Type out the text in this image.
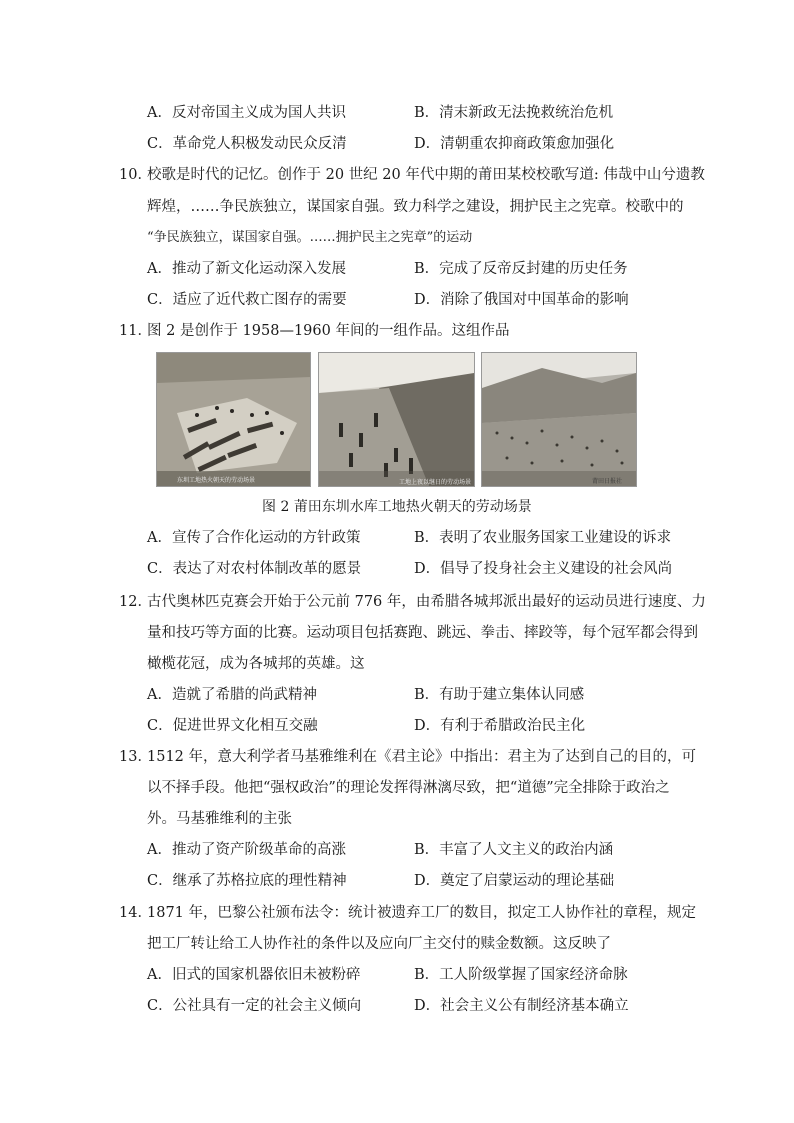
A．反对帝国主义成为国人共识	B．清末新政无法挽救统治危机
C．革命党人积极发动民众反清	D．清朝重农抑商政策愈加强化
10．
校歌是时代的记忆。创作于 20 世纪 20 年代中期的莆田某校校歌写道: 伟哉中山兮遗教
辉煌，……争民族独立，谋国家自强。致力科学之建设，拥护民主之宪章。校歌中的
“争民族独立，谋国家自强。……拥护民主之宪章”的运动
A．推动了新文化运动深入发展	B．完成了反帝反封建的历史任务
C．适应了近代救亡图存的需要	D．消除了俄国对中国革命的影响
11．
图 2 是创作于 1958—1960 年间的一组作品。这组作品
东圳工地热火朝天的劳动场景	工地上夜以继日的劳动场景	莆田日报社
图 2 莆田东圳水库工地热火朝天的劳动场景
A．宣传了合作化运动的方针政策	B．表明了农业服务国家工业建设的诉求
C．表达了对农村体制改革的愿景	D．倡导了投身社会主义建设的社会风尚
12．
古代奥林匹克赛会开始于公元前 776 年，由希腊各城邦派出最好的运动员进行速度、力
量和技巧等方面的比赛。运动项目包括赛跑、跳远、拳击、摔跤等，每个冠军都会得到
橄榄花冠，成为各城邦的英雄。这
A．造就了希腊的尚武精神	B．有助于建立集体认同感
C．促进世界文化相互交融	D．有利于希腊政治民主化
13．
1512 年，意大利学者马基雅维利在《君主论》中指出：君主为了达到自己的目的，可
以不择手段。他把“强权政治”的理论发挥得淋漓尽致，把“道德”完全排除于政治之
外。马基雅维利的主张
A．推动了资产阶级革命的高涨	B．丰富了人文主义的政治内涵
C．继承了苏格拉底的理性精神	D．奠定了启蒙运动的理论基础
14．
1871 年，巴黎公社颁布法令：统计被遗弃工厂的数目，拟定工人协作社的章程，规定
把工厂转让给工人协作社的条件以及应向厂主交付的赎金数额。这反映了
A．旧式的国家机器依旧未被粉碎	B．工人阶级掌握了国家经济命脉
C．公社具有一定的社会主义倾向	D．社会主义公有制经济基本确立
